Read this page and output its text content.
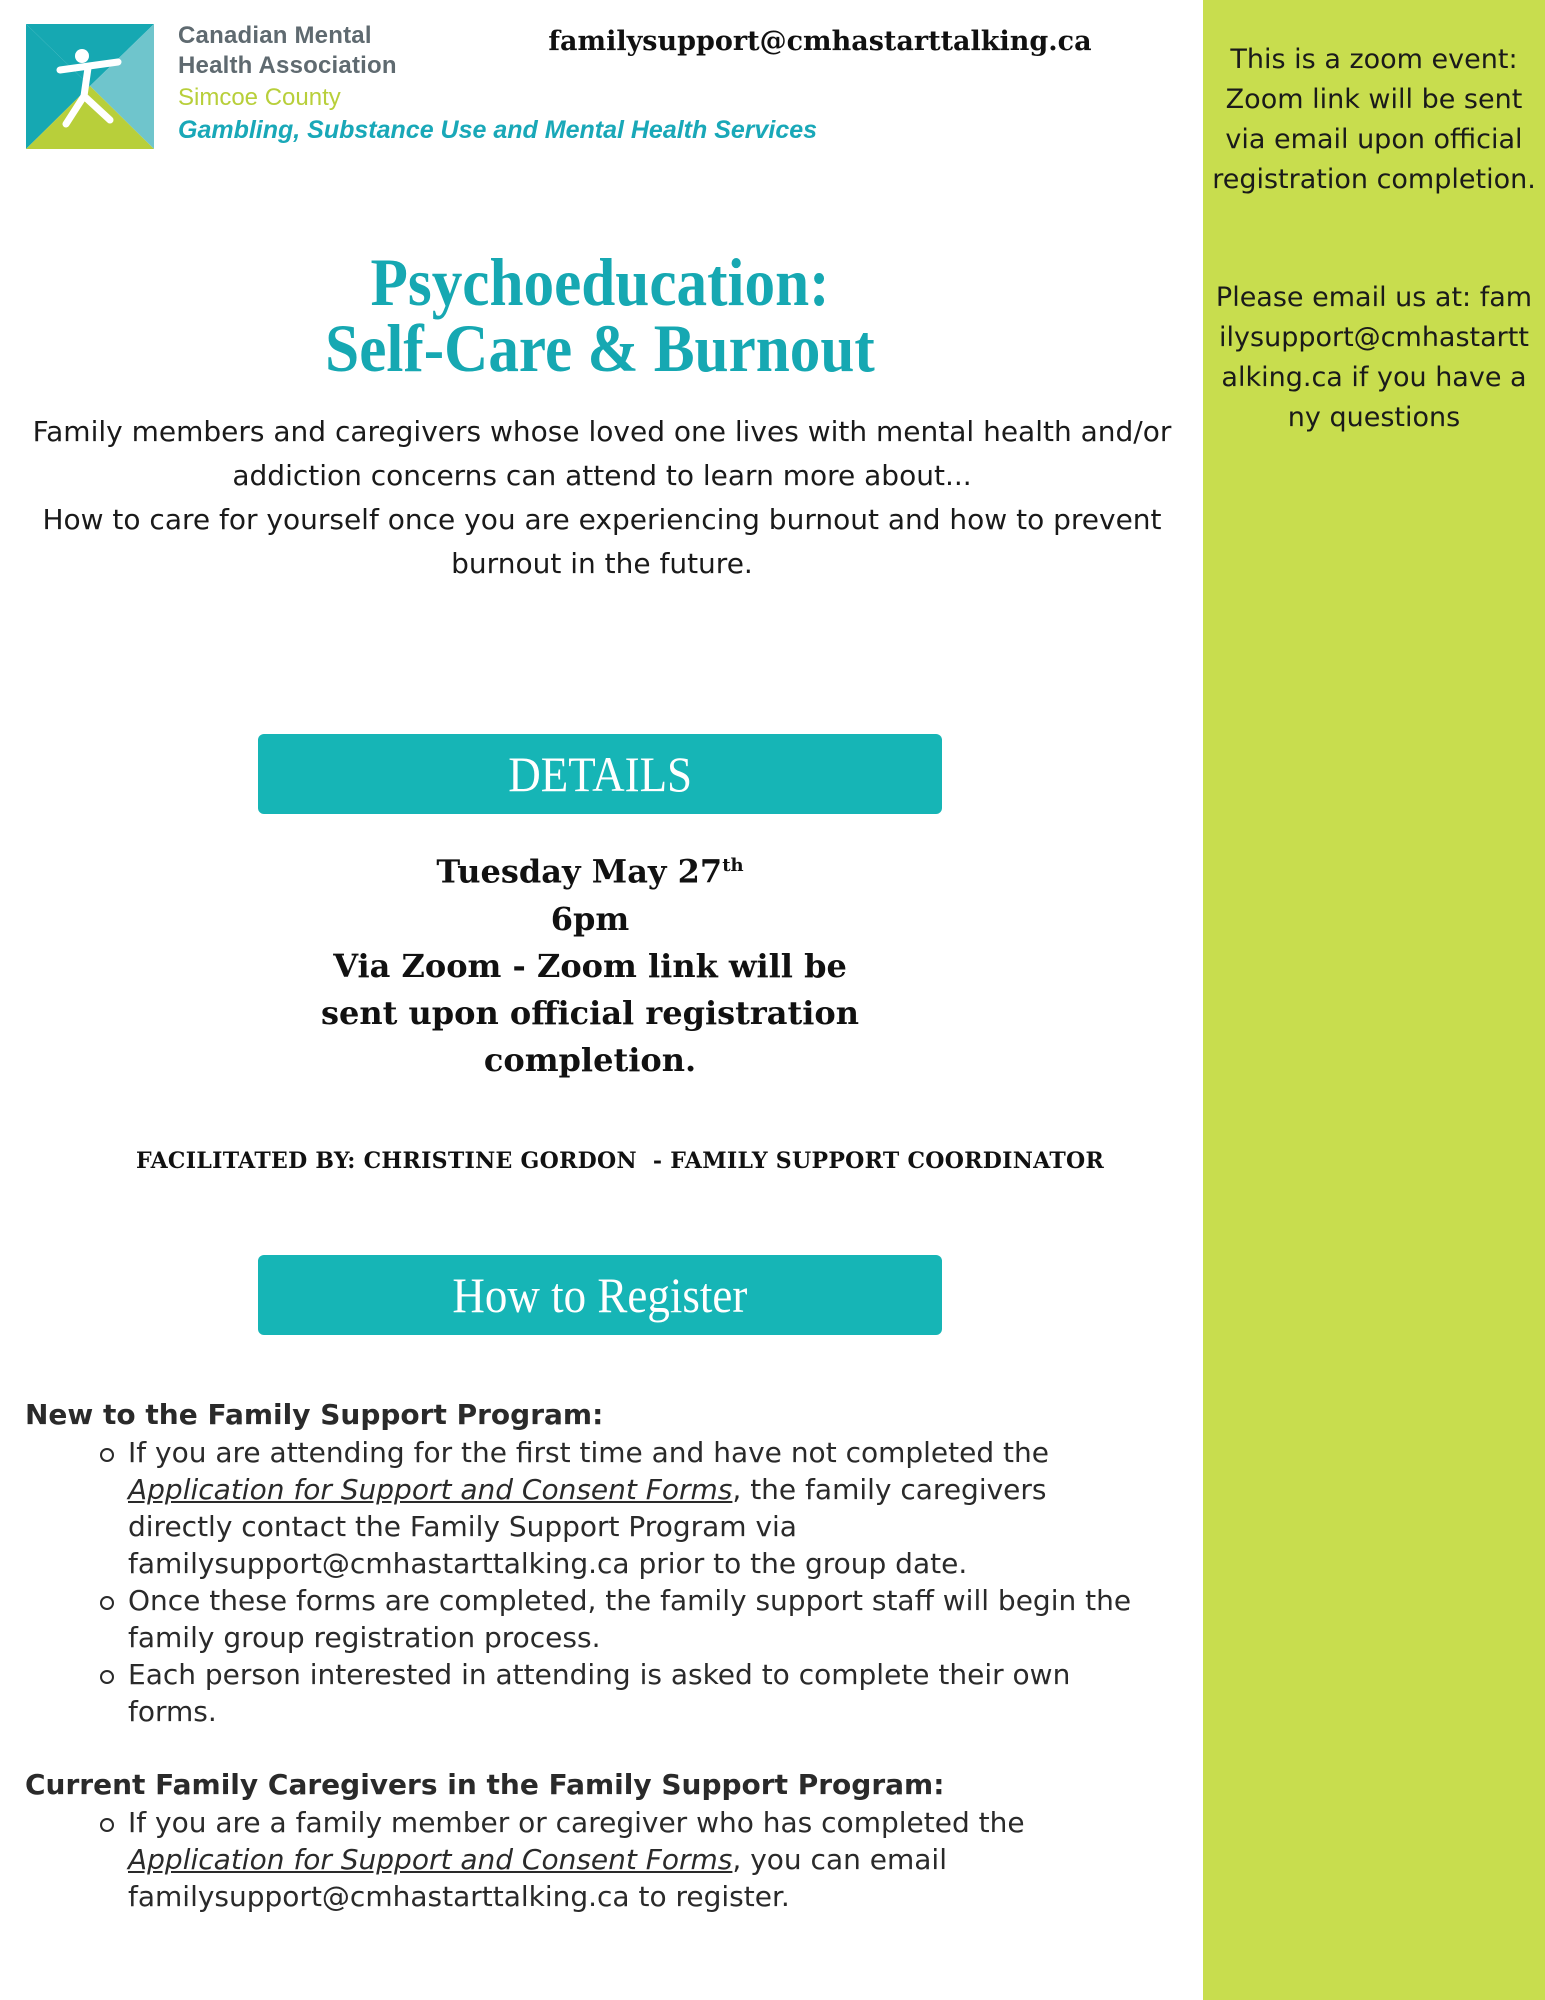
This is a zoom event: Zoom link will be sent via email upon official registration completion.
Please email us at: familysupport@cmhastarttalking.ca if you have any questions
Canadian Mental
Health Association
Simcoe County
Gambling, Substance Use and Mental Health Services
familysupport@cmhastarttalking.ca
Psychoeducation:
Self-Care & Burnout

Family members and caregivers whose loved one lives with mental health and/or addiction concerns can attend to learn more about...

How to care for yourself once you are experiencing burnout and how to prevent burnout in the future.

DETAILS
Tuesday May 27th
6pm
Via Zoom - Zoom link will be
sent upon official registration
completion.
FACILITATED BY: CHRISTINE GORDON  - FAMILY SUPPORT COORDINATOR
How to Register
New to the Family Support Program:
If you are attending for the first time and have not completed the Application for Support and Consent Forms, the family caregivers directly contact the Family Support Program via familysupport@cmhastarttalking.ca prior to the group date.
Once these forms are completed, the family support staff will begin the family group registration process.
Each person interested in attending is asked to complete their own forms.
Current Family Caregivers in the Family Support Program:
If you are a family member or caregiver who has completed the Application for Support and Consent Forms, you can email familysupport@cmhastarttalking.ca to register.
